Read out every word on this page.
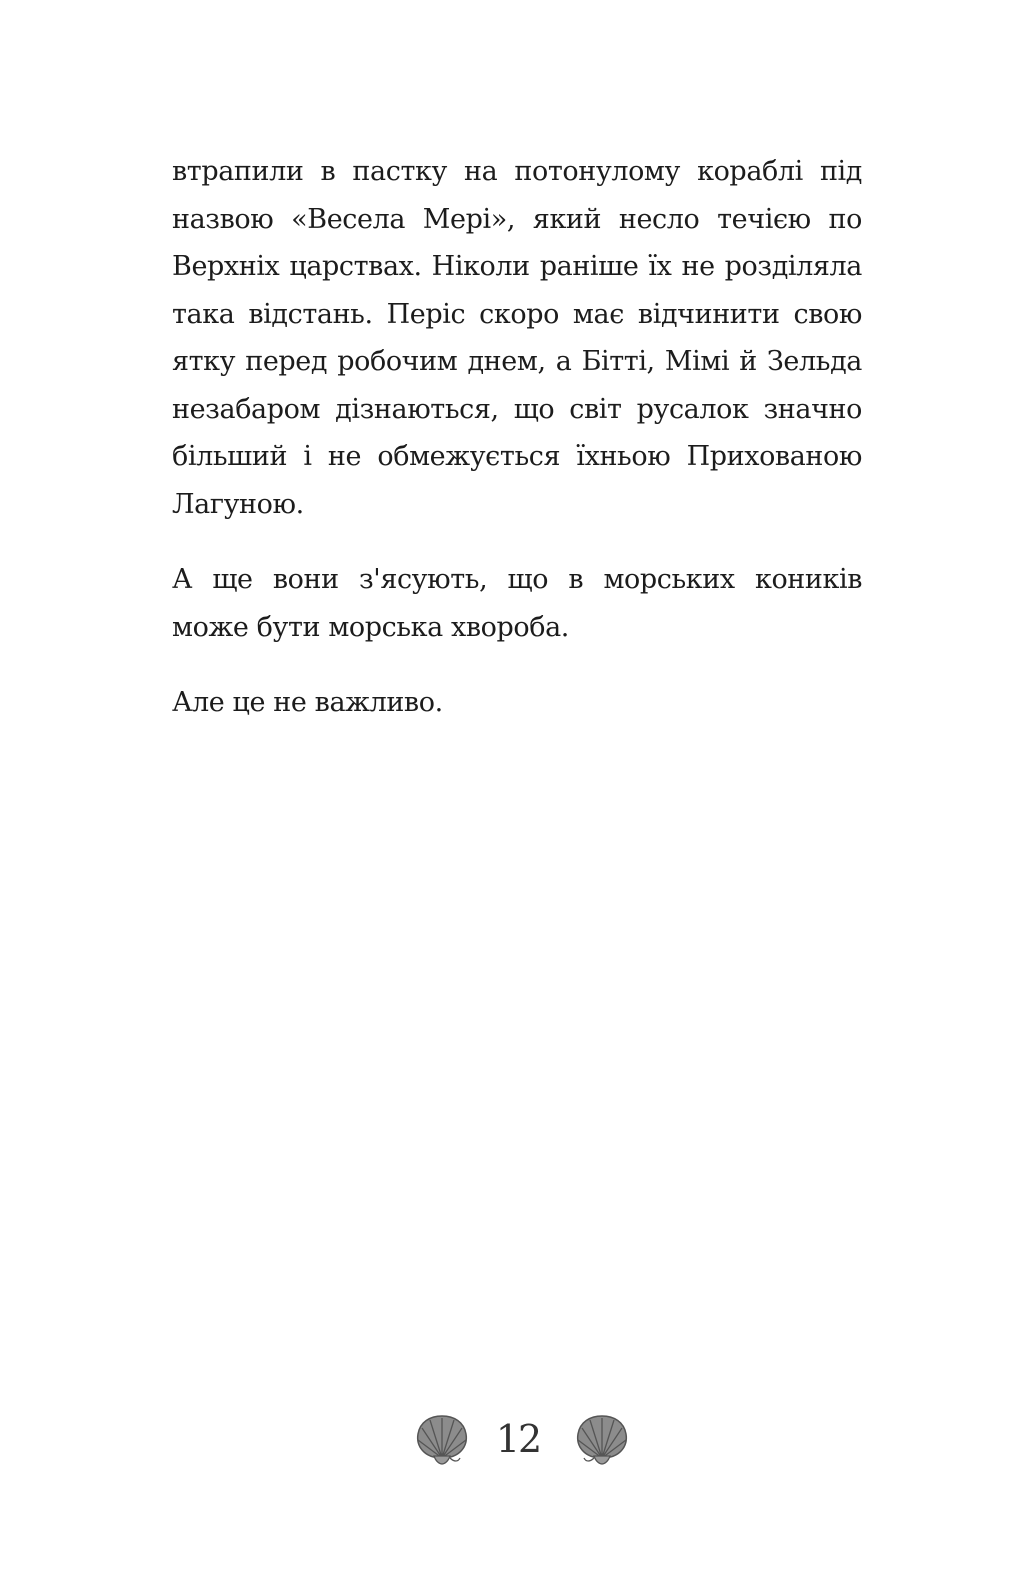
втрапили в пастку на потонулому кораблі під назвою «Весела Мері», який несло течією по Верхніх царствах. Ніколи раніше їх не розділяла така відстань. Періс скоро має відчинити свою ятку перед робочим днем, а Бітті, Мімі й Зельда незабаром дізнаються, що світ русалок значно більший і не обмежується їхньою Прихованою Лагуною.

А ще вони з'ясують, що в морських коників може бути морська хвороба.

Але це не важливо.

12
